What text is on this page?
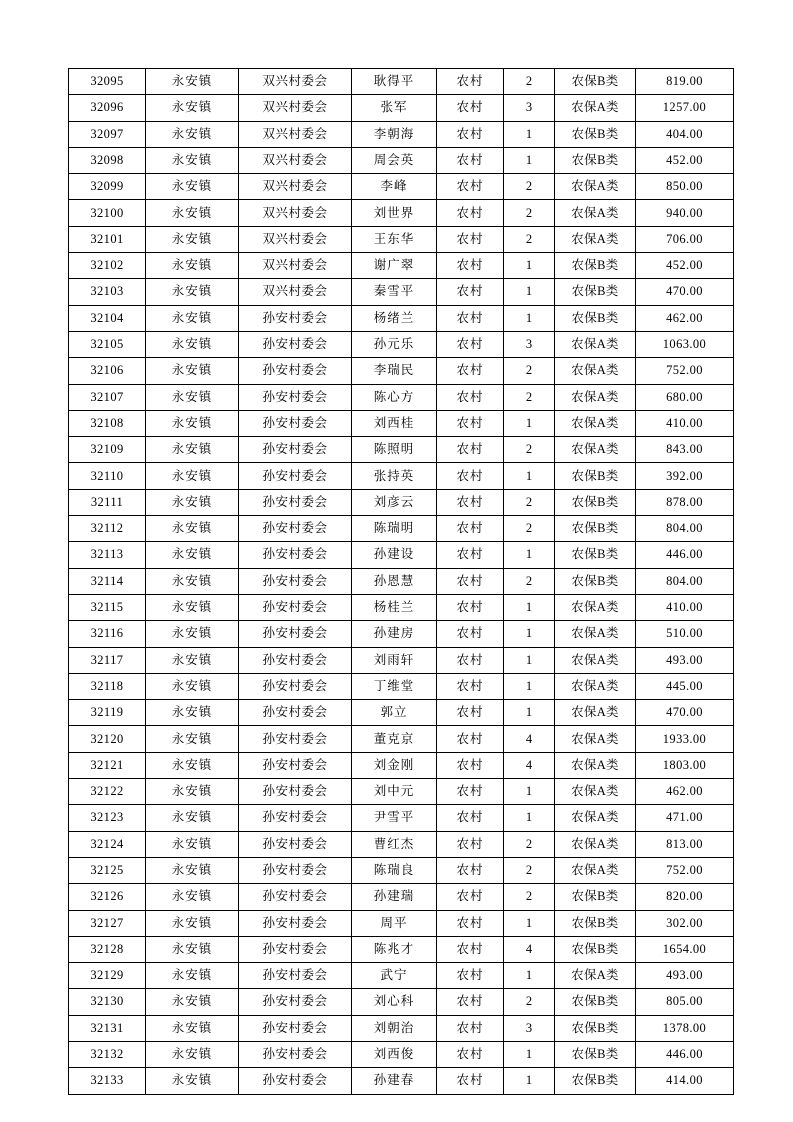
32095	永安镇	双兴村委会	耿得平	农村	2	农保B类	819.00
32096	永安镇	双兴村委会	张军	农村	3	农保A类	1257.00
32097	永安镇	双兴村委会	李朝海	农村	1	农保B类	404.00
32098	永安镇	双兴村委会	周会英	农村	1	农保B类	452.00
32099	永安镇	双兴村委会	李峰	农村	2	农保A类	850.00
32100	永安镇	双兴村委会	刘世界	农村	2	农保A类	940.00
32101	永安镇	双兴村委会	王东华	农村	2	农保A类	706.00
32102	永安镇	双兴村委会	谢广翠	农村	1	农保B类	452.00
32103	永安镇	双兴村委会	秦雪平	农村	1	农保B类	470.00
32104	永安镇	孙安村委会	杨绪兰	农村	1	农保B类	462.00
32105	永安镇	孙安村委会	孙元乐	农村	3	农保A类	1063.00
32106	永安镇	孙安村委会	李瑞民	农村	2	农保A类	752.00
32107	永安镇	孙安村委会	陈心方	农村	2	农保A类	680.00
32108	永安镇	孙安村委会	刘西桂	农村	1	农保A类	410.00
32109	永安镇	孙安村委会	陈照明	农村	2	农保A类	843.00
32110	永安镇	孙安村委会	张持英	农村	1	农保B类	392.00
32111	永安镇	孙安村委会	刘彦云	农村	2	农保B类	878.00
32112	永安镇	孙安村委会	陈瑞明	农村	2	农保B类	804.00
32113	永安镇	孙安村委会	孙建设	农村	1	农保B类	446.00
32114	永安镇	孙安村委会	孙恩慧	农村	2	农保B类	804.00
32115	永安镇	孙安村委会	杨桂兰	农村	1	农保A类	410.00
32116	永安镇	孙安村委会	孙建房	农村	1	农保A类	510.00
32117	永安镇	孙安村委会	刘雨轩	农村	1	农保A类	493.00
32118	永安镇	孙安村委会	丁维堂	农村	1	农保A类	445.00
32119	永安镇	孙安村委会	郭立	农村	1	农保A类	470.00
32120	永安镇	孙安村委会	董克京	农村	4	农保A类	1933.00
32121	永安镇	孙安村委会	刘金刚	农村	4	农保A类	1803.00
32122	永安镇	孙安村委会	刘中元	农村	1	农保A类	462.00
32123	永安镇	孙安村委会	尹雪平	农村	1	农保A类	471.00
32124	永安镇	孙安村委会	曹红杰	农村	2	农保A类	813.00
32125	永安镇	孙安村委会	陈瑞良	农村	2	农保A类	752.00
32126	永安镇	孙安村委会	孙建瑞	农村	2	农保B类	820.00
32127	永安镇	孙安村委会	周平	农村	1	农保B类	302.00
32128	永安镇	孙安村委会	陈兆才	农村	4	农保B类	1654.00
32129	永安镇	孙安村委会	武宁	农村	1	农保A类	493.00
32130	永安镇	孙安村委会	刘心科	农村	2	农保B类	805.00
32131	永安镇	孙安村委会	刘朝治	农村	3	农保B类	1378.00
32132	永安镇	孙安村委会	刘西俊	农村	1	农保B类	446.00
32133	永安镇	孙安村委会	孙建春	农村	1	农保B类	414.00
